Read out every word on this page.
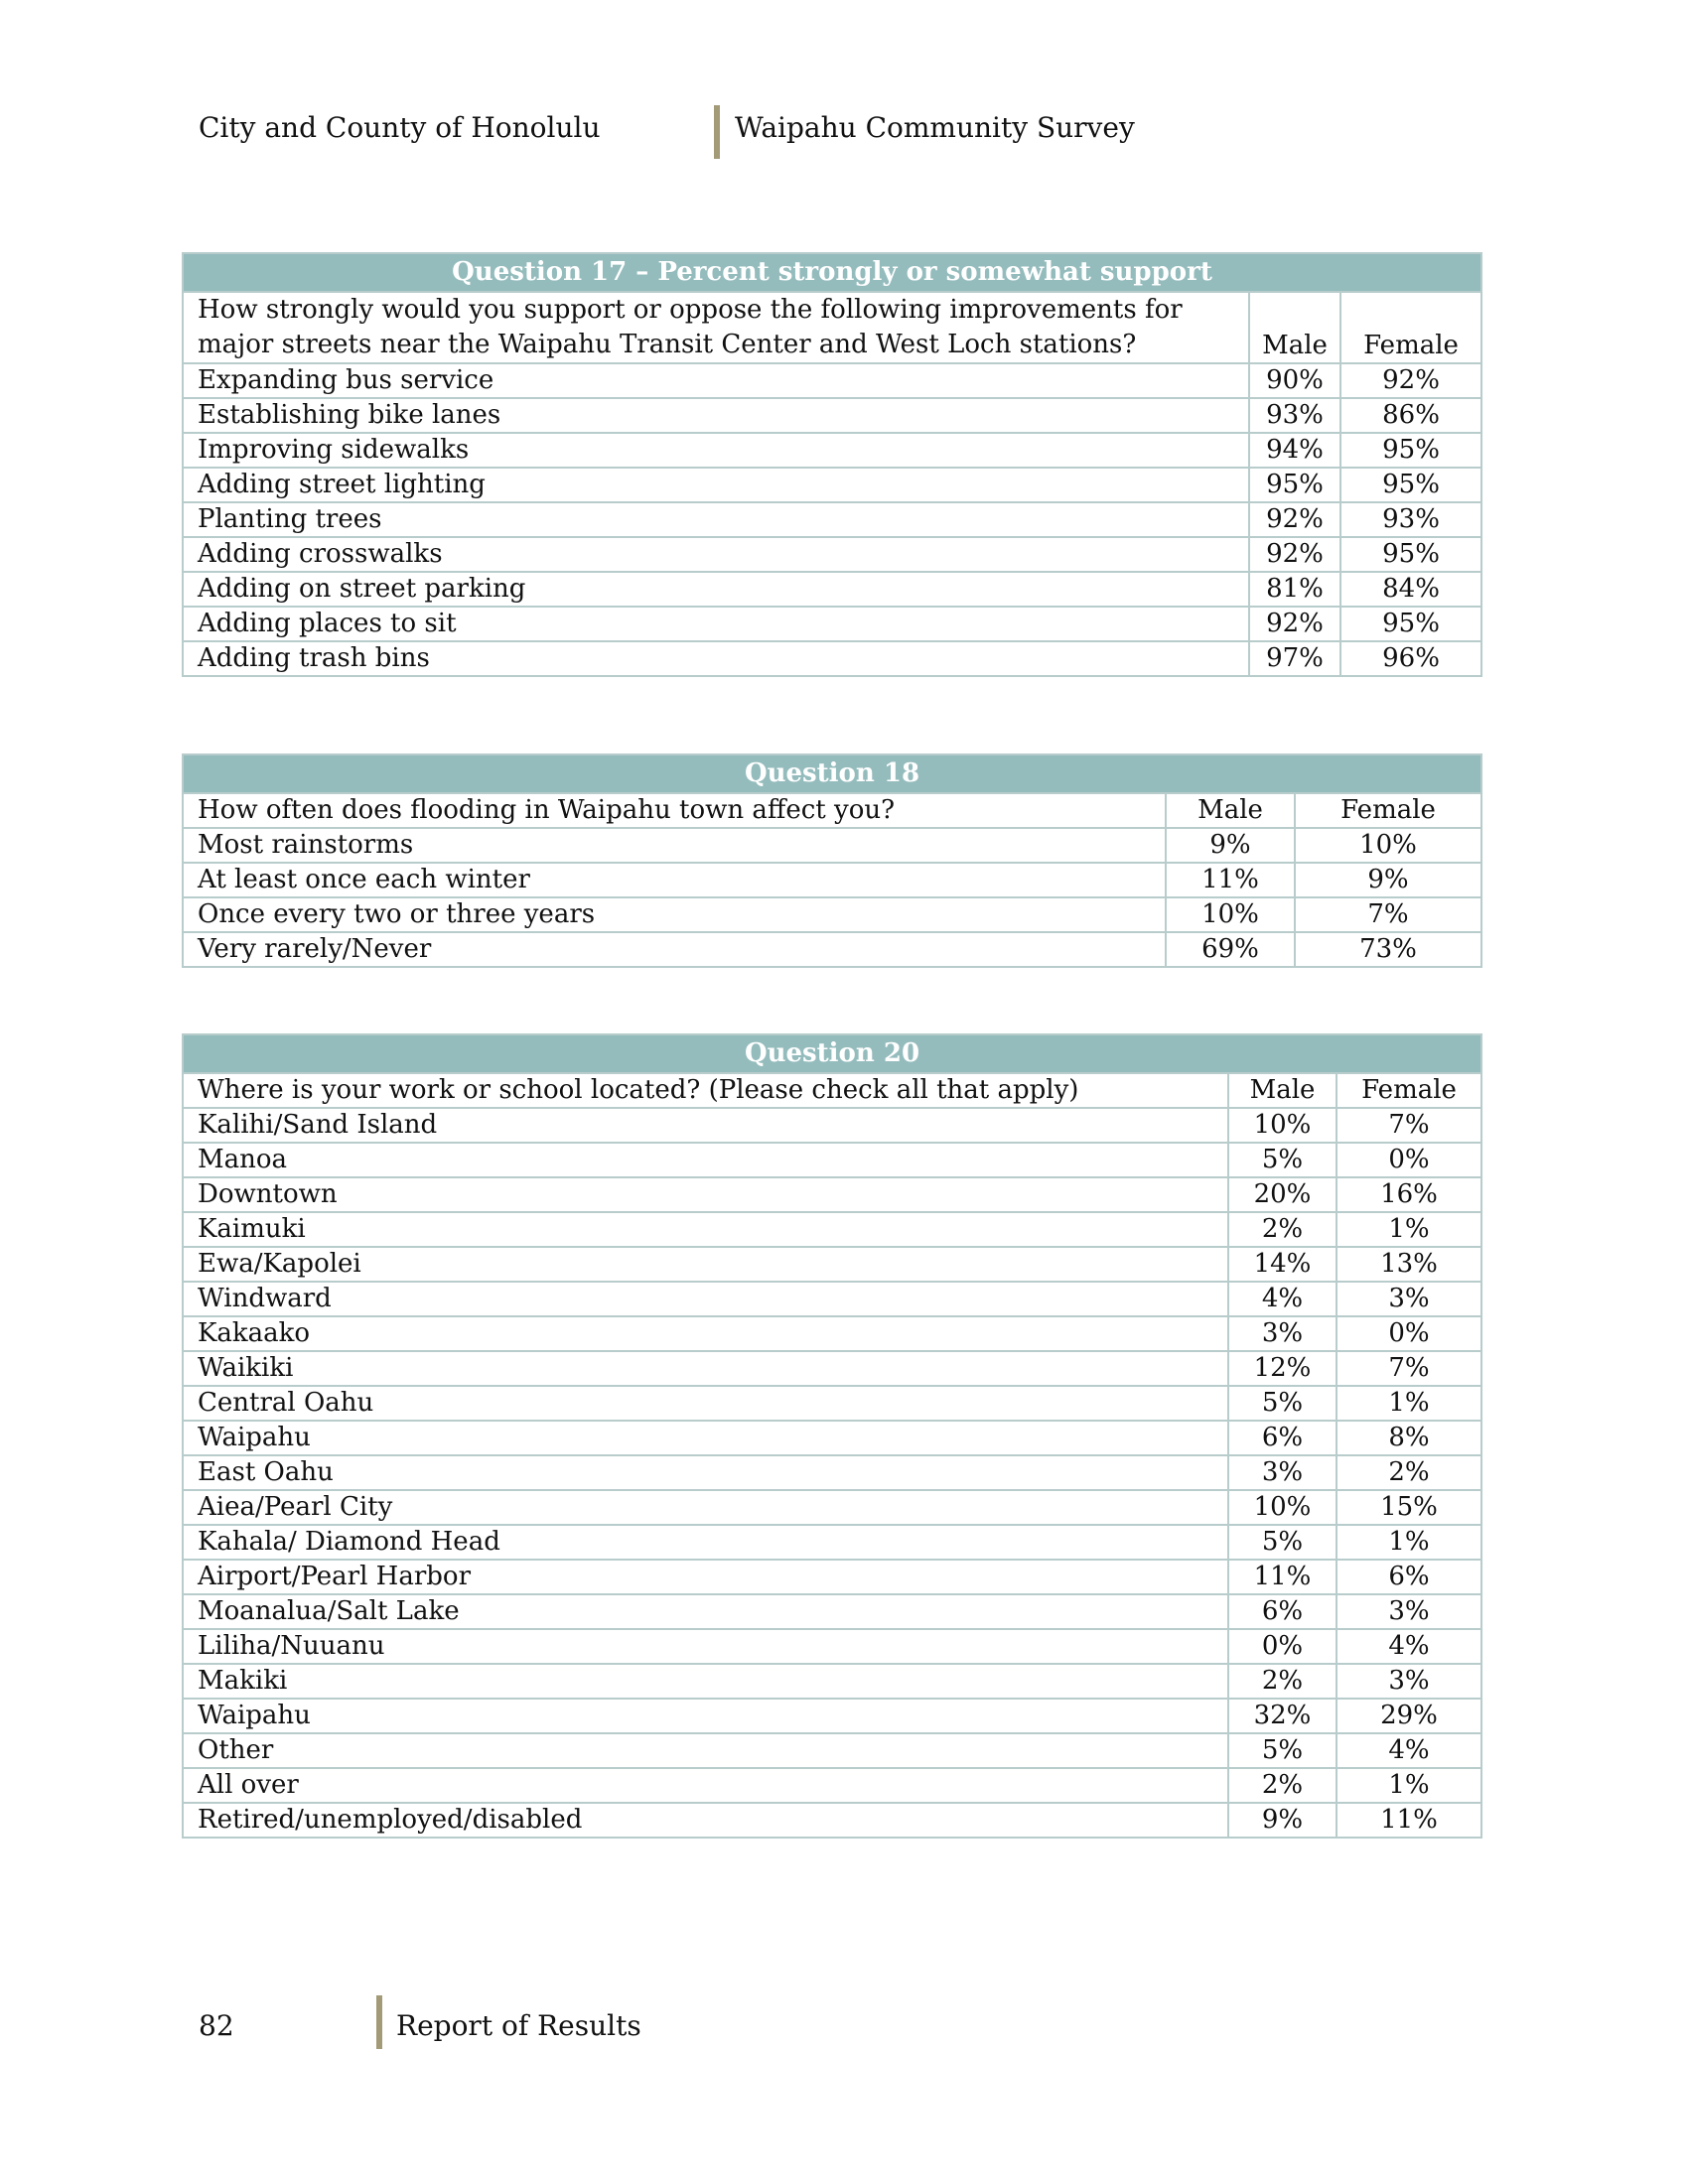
City and County of Honolulu	Waipahu Community Survey
Question 17 – Percent strongly or somewhat support		
How strongly would you support or oppose the following improvements for major streets near the Waipahu Transit Center and West Loch stations?	Male	Female
Expanding bus service	90%	92%
Establishing bike lanes	93%	86%
Improving sidewalks	94%	95%
Adding street lighting	95%	95%
Planting trees	92%	93%
Adding crosswalks	92%	95%
Adding on street parking	81%	84%
Adding places to sit	92%	95%
Adding trash bins	97%	96%
Question 18		
How often does flooding in Waipahu town affect you?	Male	Female
Most rainstorms	9%	10%
At least once each winter	11%	9%
Once every two or three years	10%	7%
Very rarely/Never	69%	73%
Question 20		
Where is your work or school located? (Please check all that apply)	Male	Female
Kalihi/Sand Island	10%	7%
Manoa	5%	0%
Downtown	20%	16%
Kaimuki	2%	1%
Ewa/Kapolei	14%	13%
Windward	4%	3%
Kakaako	3%	0%
Waikiki	12%	7%
Central Oahu	5%	1%
Waipahu	6%	8%
East Oahu	3%	2%
Aiea/Pearl City	10%	15%
Kahala/ Diamond Head	5%	1%
Airport/Pearl Harbor	11%	6%
Moanalua/Salt Lake	6%	3%
Liliha/Nuuanu	0%	4%
Makiki	2%	3%
Waipahu	32%	29%
Other	5%	4%
All over	2%	1%
Retired/unemployed/disabled	9%	11%
82	Report of Results
